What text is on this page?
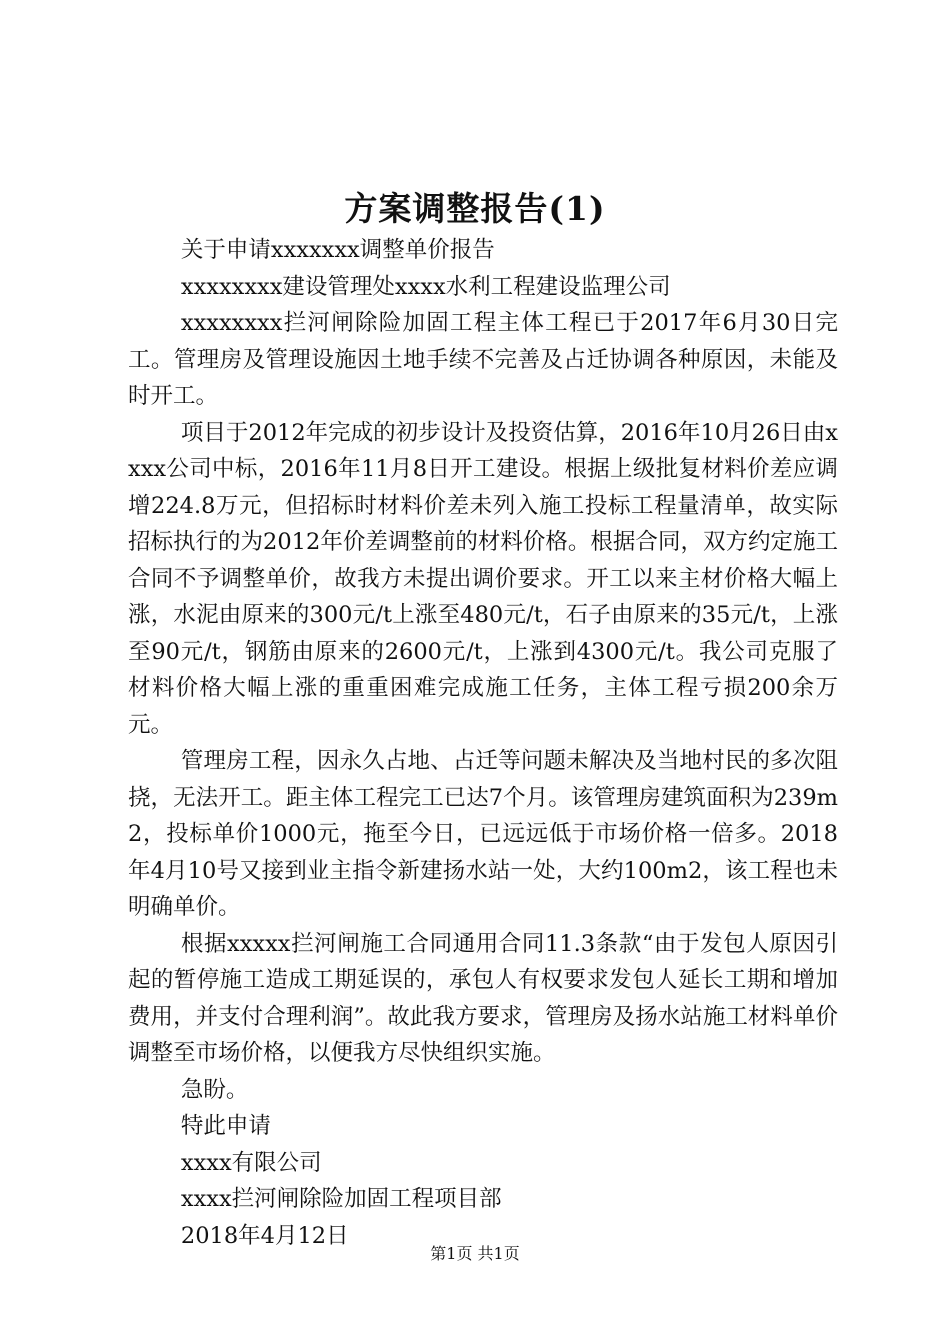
方案调整报告(1)

关于申请xxxxxxx调整单价报告

xxxxxxxx建设管理处xxxx水利工程建设监理公司

xxxxxxxx拦河闸除险加固工程主体工程已于2017年6月30日完工。管理房及管理设施因土地手续不完善及占迁协调各种原因，未能及时开工。

项目于2012年完成的初步设计及投资估算，2016年10月26日由xxxx公司中标，2016年11月8日开工建设。根据上级批复材料价差应调增224.8万元，但招标时材料价差未列入施工投标工程量清单，故实际招标执行的为2012年价差调整前的材料价格。根据合同，双方约定施工合同不予调整单价，故我方未提出调价要求。开工以来主材价格大幅上涨，水泥由原来的300元/t上涨至480元/t，石子由原来的35元/t，上涨至90元/t，钢筋由原来的2600元/t，上涨到4300元/t。我公司克服了材料价格大幅上涨的重重困难完成施工任务，主体工程亏损200余万元。

管理房工程，因永久占地、占迁等问题未解决及当地村民的多次阻挠，无法开工。距主体工程完工已达7个月。该管理房建筑面积为239m2，投标单价1000元，拖至今日，已远远低于市场价格一倍多。2018年4月10号又接到业主指令新建扬水站一处，大约100m2，该工程也未明确单价。

根据xxxxx拦河闸施工合同通用合同11.3条款“由于发包人原因引起的暂停施工造成工期延误的，承包人有权要求发包人延长工期和增加费用，并支付合理利润”。故此我方要求，管理房及扬水站施工材料单价调整至市场价格，以便我方尽快组织实施。

急盼。

特此申请

xxxx有限公司

xxxx拦河闸除险加固工程项目部

2018年4月12日

第1页 共1页
